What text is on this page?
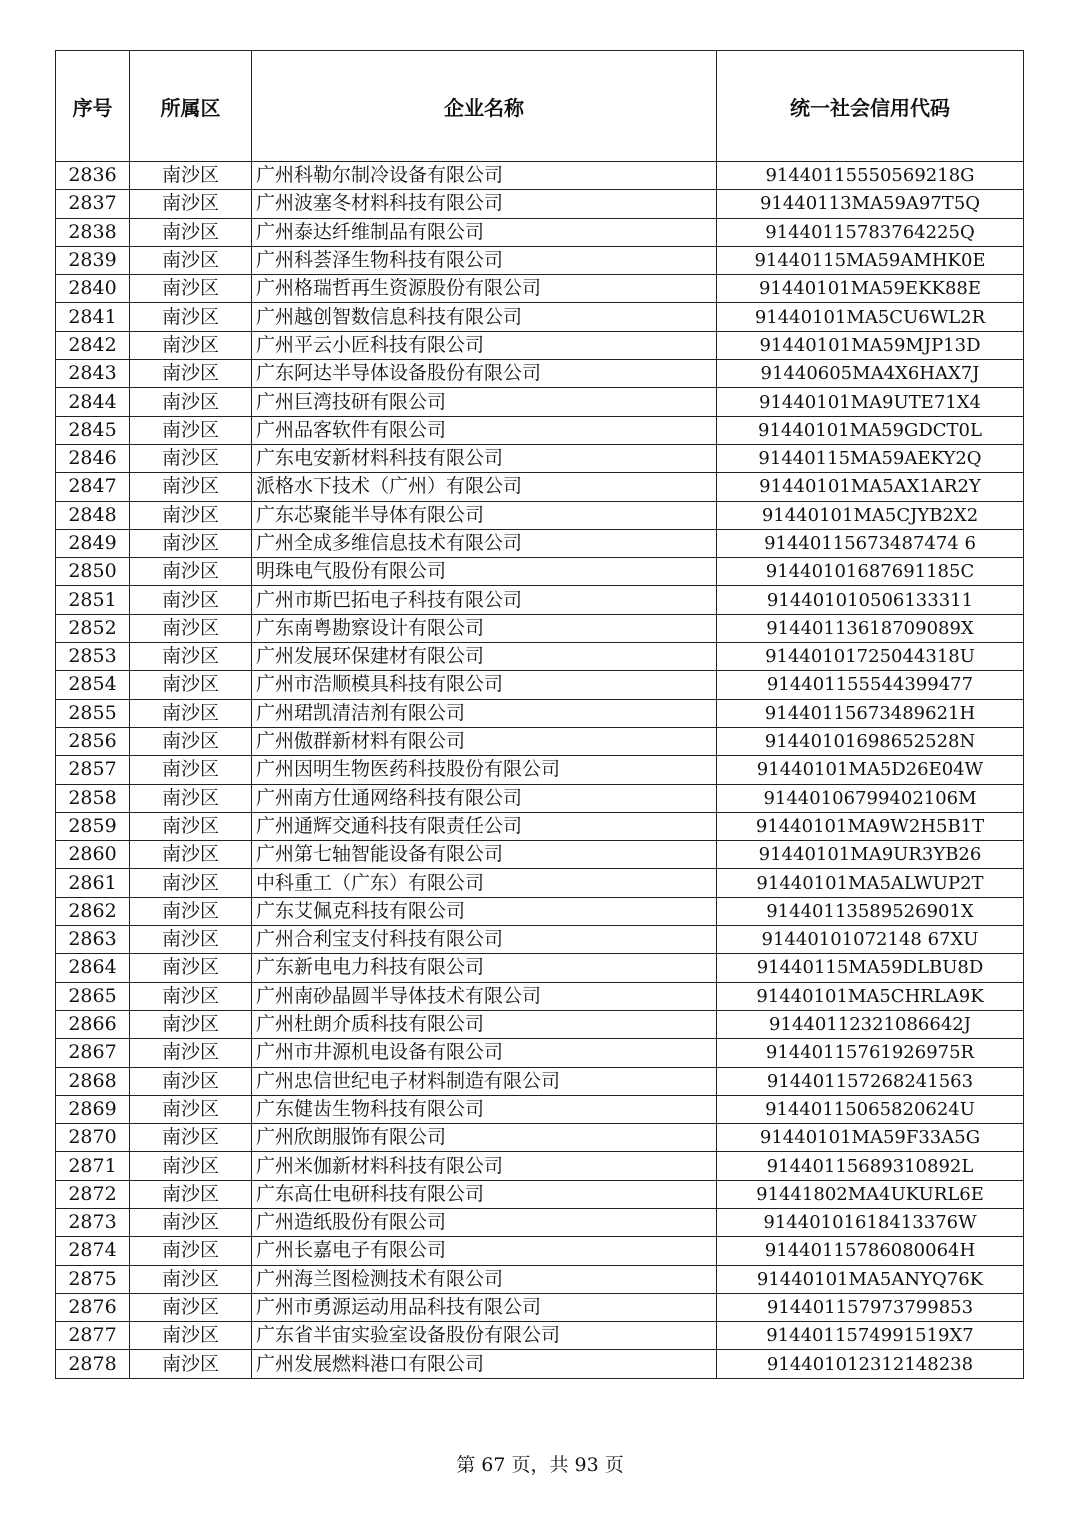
序号	所属区	企业名称	统一社会信用代码
2836	南沙区	广州科勒尔制冷设备有限公司	91440115550569218G
2837	南沙区	广州波塞冬材料科技有限公司	91440113MA59A97T5Q
2838	南沙区	广州泰达纤维制品有限公司	91440115783764225Q
2839	南沙区	广州科荟泽生物科技有限公司	91440115MA59AMHK0E
2840	南沙区	广州格瑞哲再生资源股份有限公司	91440101MA59EKK88E
2841	南沙区	广州越创智数信息科技有限公司	91440101MA5CU6WL2R
2842	南沙区	广州平云小匠科技有限公司	91440101MA59MJP13D
2843	南沙区	广东阿达半导体设备股份有限公司	91440605MA4X6HAX7J
2844	南沙区	广州巨湾技研有限公司	91440101MA9UTE71X4
2845	南沙区	广州品客软件有限公司	91440101MA59GDCT0L
2846	南沙区	广东电安新材料科技有限公司	91440115MA59AEKY2Q
2847	南沙区	派格水下技术（广州）有限公司	91440101MA5AX1AR2Y
2848	南沙区	广东芯聚能半导体有限公司	91440101MA5CJYB2X2
2849	南沙区	广州全成多维信息技术有限公司	91440115673487474 6
2850	南沙区	明珠电气股份有限公司	91440101687691185C
2851	南沙区	广州市斯巴拓电子科技有限公司	914401010506133311
2852	南沙区	广东南粤勘察设计有限公司	91440113618709089X
2853	南沙区	广州发展环保建材有限公司	91440101725044318U
2854	南沙区	广州市浩顺模具科技有限公司	914401155544399477
2855	南沙区	广州珺凯清洁剂有限公司	91440115673489621H
2856	南沙区	广州傲群新材料有限公司	91440101698652528N
2857	南沙区	广州因明生物医药科技股份有限公司	91440101MA5D26E04W
2858	南沙区	广州南方仕通网络科技有限公司	91440106799402106M
2859	南沙区	广州通辉交通科技有限责任公司	91440101MA9W2H5B1T
2860	南沙区	广州第七轴智能设备有限公司	91440101MA9UR3YB26
2861	南沙区	中科重工（广东）有限公司	91440101MA5ALWUP2T
2862	南沙区	广东艾佩克科技有限公司	91440113589526901X
2863	南沙区	广州合利宝支付科技有限公司	91440101072148 67XU
2864	南沙区	广东新电电力科技有限公司	91440115MA59DLBU8D
2865	南沙区	广州南砂晶圆半导体技术有限公司	91440101MA5CHRLA9K
2866	南沙区	广州杜朗介质科技有限公司	91440112321086642J
2867	南沙区	广州市井源机电设备有限公司	91440115761926975R
2868	南沙区	广州忠信世纪电子材料制造有限公司	914401157268241563
2869	南沙区	广东健齿生物科技有限公司	91440115065820624U
2870	南沙区	广州欣朗服饰有限公司	91440101MA59F33A5G
2871	南沙区	广州米伽新材料科技有限公司	91440115689310892L
2872	南沙区	广东高仕电研科技有限公司	91441802MA4UKURL6E
2873	南沙区	广州造纸股份有限公司	91440101618413376W
2874	南沙区	广州长嘉电子有限公司	91440115786080064H
2875	南沙区	广州海兰图检测技术有限公司	91440101MA5ANYQ76K
2876	南沙区	广州市勇源运动用品科技有限公司	914401157973799853
2877	南沙区	广东省半宙实验室设备股份有限公司	9144011574991519X7
2878	南沙区	广州发展燃料港口有限公司	914401012312148238
第 67 页，共 93 页
